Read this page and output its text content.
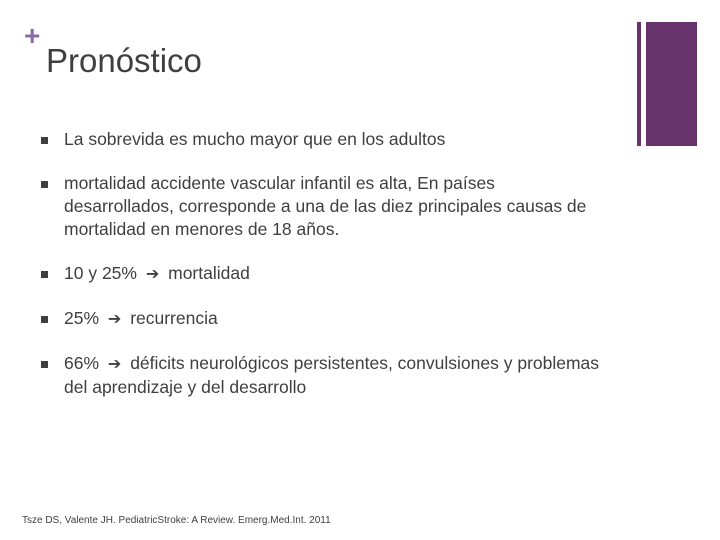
+
Pronóstico
La sobrevida es mucho mayor que en los adultos
mortalidad accidente vascular infantil es alta, En países desarrollados, corresponde a una de las diez principales causas de mortalidad en menores de 18 años.
10 y 25% ➔ mortalidad
25% ➔ recurrencia
66% ➔ déficits neurológicos persistentes, convulsiones y problemas del aprendizaje y del desarrollo
Tsze DS, Valente JH. PediatricStroke: A Review. Emerg.Med.Int. 2011
